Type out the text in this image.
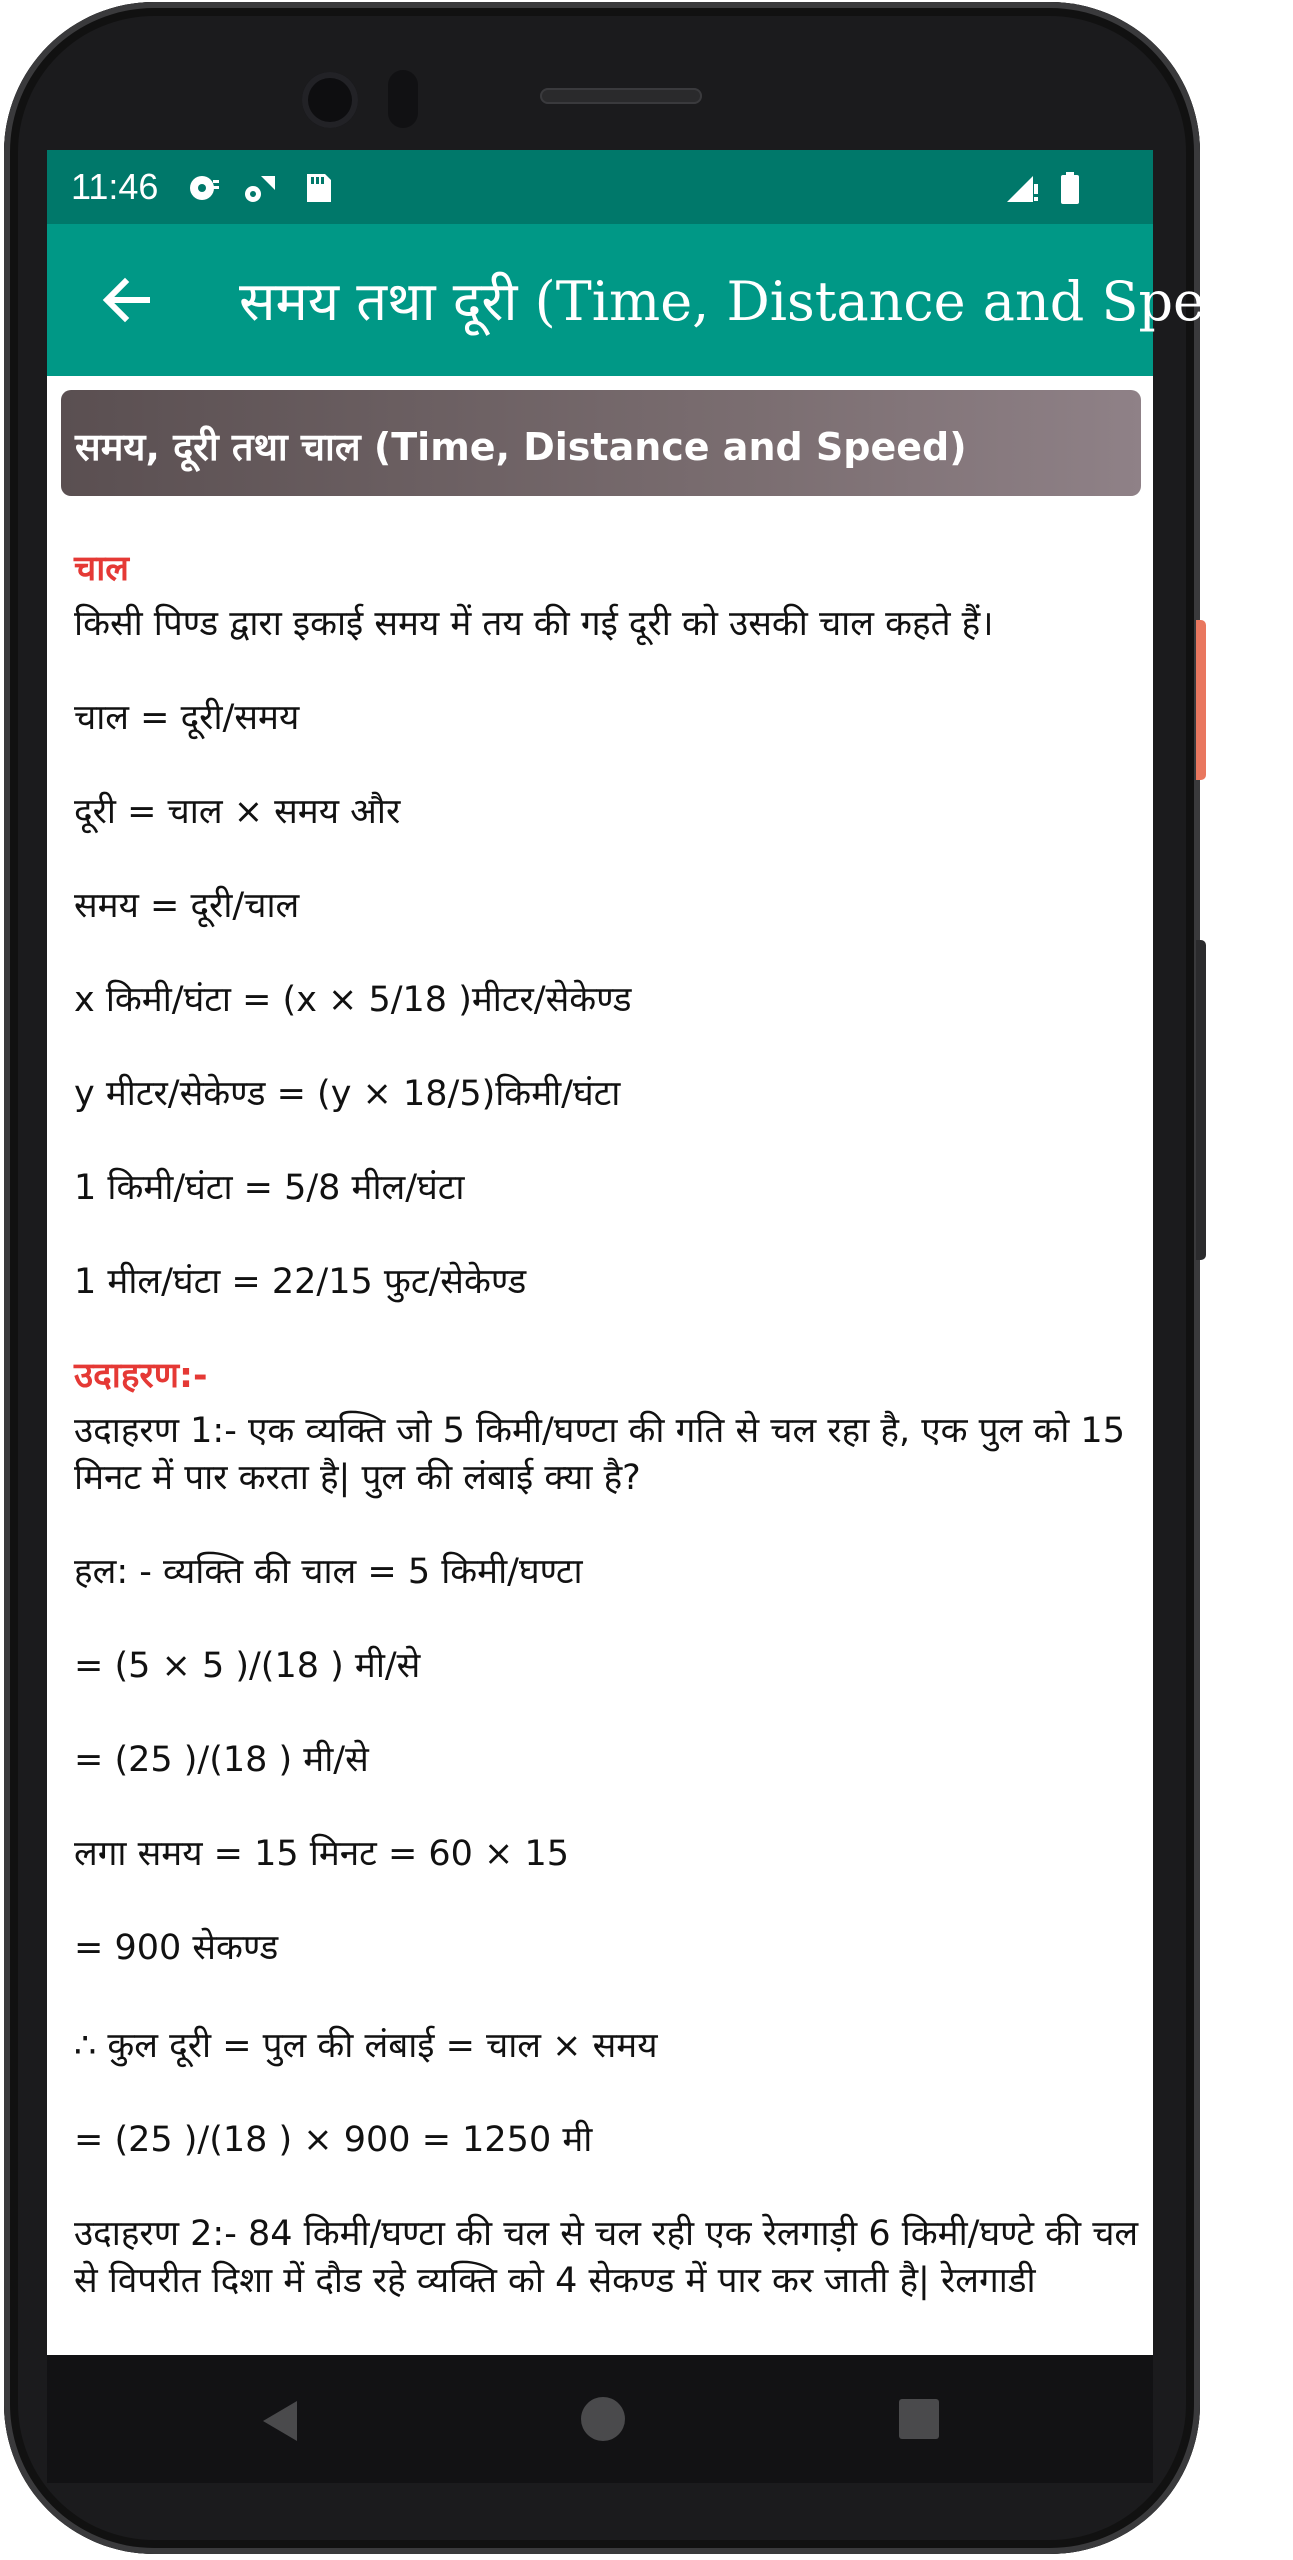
11:46
समय तथा दूरी (Time, Distance and Speed)
समय, दूरी तथा चाल (Time, Distance and Speed)

चाल

किसी पिण्ड द्वारा इकाई समय में तय की गई दूरी को उसकी चाल कहते हैं।

चाल = दूरी/समय

दूरी = चाल × समय और

समय = दूरी/चाल

x किमी/घंटा = (x × 5/18 )मीटर/सेकेण्ड

y मीटर/सेकेण्ड = (y × 18/5)किमी/घंटा

1 किमी/घंटा = 5/8 मील/घंटा

1 मील/घंटा = 22/15 फुट/सेकेण्ड

उदाहरण:-

उदाहरण 1:- एक व्यक्ति जो 5 किमी/घण्टा की गति से चल रहा है, एक पुल को 15 मिनट में पार करता है| पुल की लंबाई क्या है?

हल: - व्यक्ति की चाल = 5 किमी/घण्टा

= (5 × 5 )/(18 ) मी/से

= (25 )/(18 ) मी/से

लगा समय = 15 मिनट = 60 × 15

= 900 सेकण्ड

∴ कुल दूरी = पुल की लंबाई = चाल × समय

= (25 )/(18 ) × 900 = 1250 मी

उदाहरण 2:- 84 किमी/घण्टा की चल से चल रही एक रेलगाड़ी 6 किमी/घण्टे की चल से विपरीत दिशा में दौड रहे व्यक्ति को 4 सेकण्ड में पार कर जाती है| रेलगाडी
